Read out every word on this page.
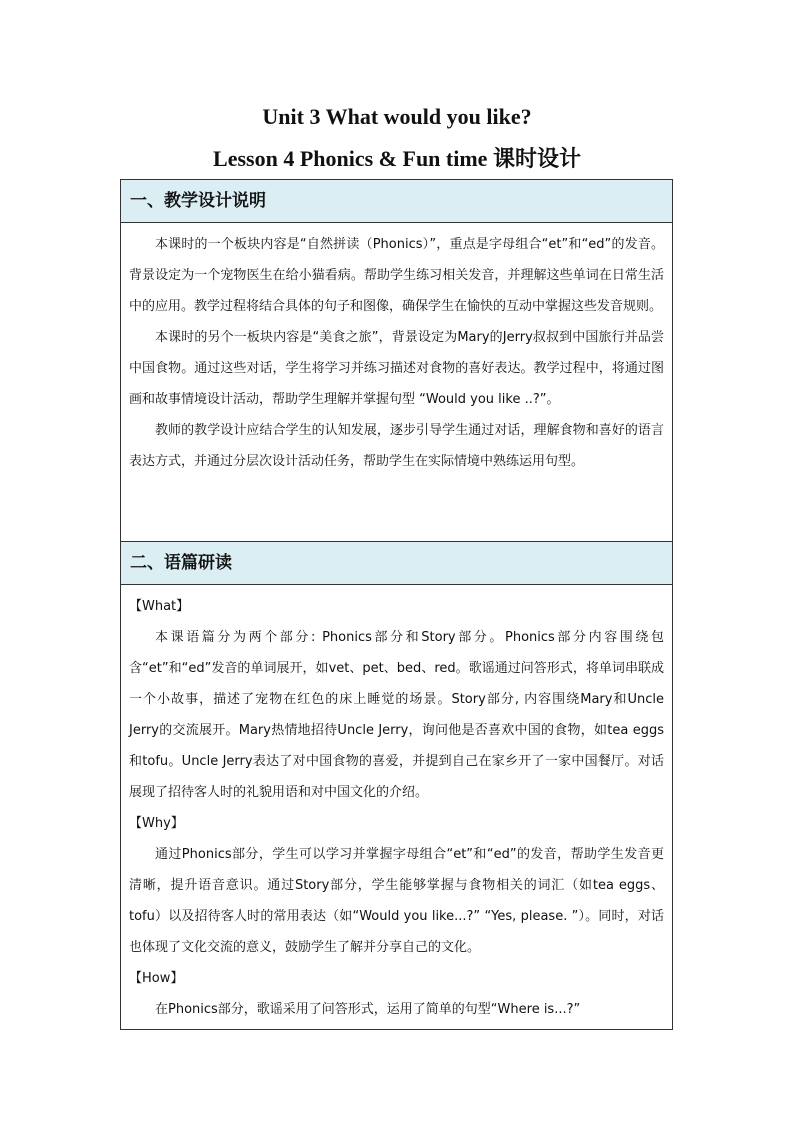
Unit 3 What would you like?
Lesson 4 Phonics & Fun time 课时设计
一、教学设计说明

本课时的一个板块内容是“自然拼读（Phonics）”，重点是字母组合“et”和“ed”的发音。背景设定为一个宠物医生在给小猫看病。帮助学生练习相关发音，并理解这些单词在日常生活中的应用。教学过程将结合具体的句子和图像，确保学生在愉快的互动中掌握这些发音规则。

本课时的另个一板块内容是“美食之旅”，背景设定为Mary的Jerry叔叔到中国旅行并品尝中国食物。通过这些对话，学生将学习并练习描述对食物的喜好表达。教学过程中，将通过图画和故事情境设计活动，帮助学生理解并掌握句型 “Would you like ..?”。

教师的教学设计应结合学生的认知发展，逐步引导学生通过对话，理解食物和喜好的语言表达方式，并通过分层次设计活动任务，帮助学生在实际情境中熟练运用句型。

二、语篇研读

【What】

本课语篇分为两个部分: Phonics部分和Story部分。Phonics部分内容围绕包含“et”和“ed”发音的单词展开，如vet、pet、bed、red。歌谣通过问答形式，将单词串联成一个小故事，描述了宠物在红色的床上睡觉的场景。Story部分, 内容围绕Mary和Uncle Jerry的交流展开。Mary热情地招待Uncle Jerry，询问他是否喜欢中国的食物，如tea eggs和tofu。Uncle Jerry表达了对中国食物的喜爱，并提到自己在家乡开了一家中国餐厅。对话展现了招待客人时的礼貌用语和对中国文化的介绍。

【Why】

通过Phonics部分，学生可以学习并掌握字母组合“et”和“ed”的发音，帮助学生发音更清晰，提升语音意识。通过Story部分，学生能够掌握与食物相关的词汇（如tea eggs、tofu）以及招待客人时的常用表达（如“Would you like...?” “Yes, please. ”）。同时，对话也体现了文化交流的意义，鼓励学生了解并分享自己的文化。

【How】

在Phonics部分，歌谣采用了问答形式，运用了简单的句型“Where is...?”
